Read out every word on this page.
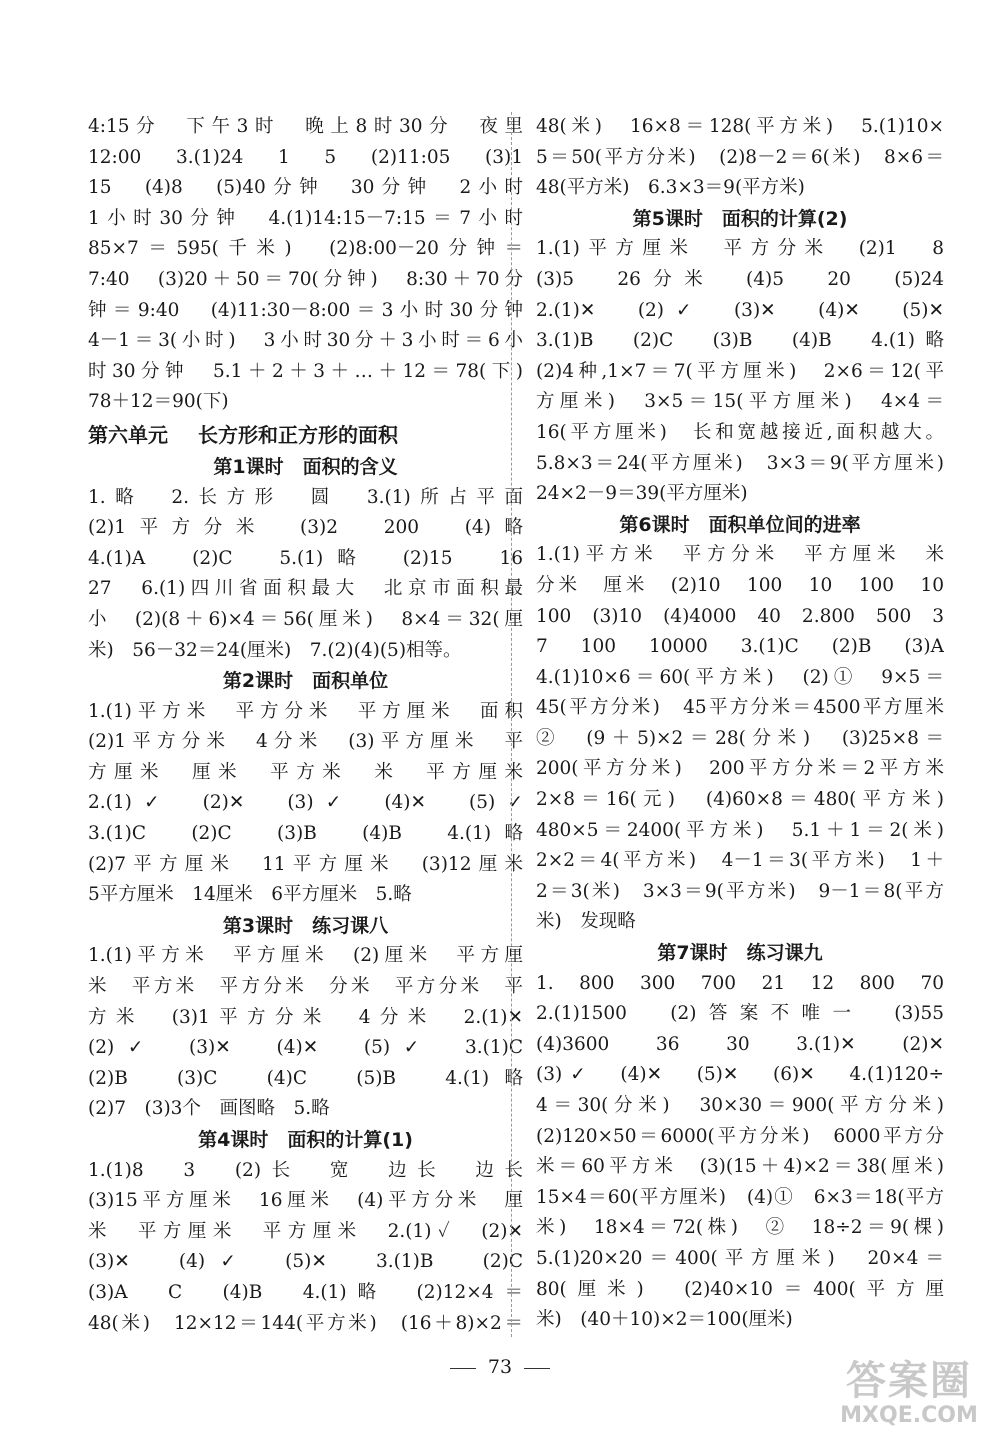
4:15分　下午3时　晚上8时30分　夜里
12:00　3.(1)24　1　5　(2)11:05　(3)1
15　(4)8　(5)40分钟　30分钟　2小时
1小时30分钟　4.(1)14:15－7:15＝7小时
85×7＝595(千米)　(2)8:00－20分钟＝
7:40　(3)20＋50＝70(分钟)　8:30＋70分
钟＝9:40　(4)11:30－8:00＝3小时30分钟
4－1＝3(小时)　3小时30分＋3小时＝6小
时30分钟　5.1＋2＋3＋…＋12＝78(下)
78＋12＝90(下)
第六单元 长方形和正方形的面积
第1课时　面积的含义
1.略　2.长方形　圆　3.(1)所占平面
(2)1平方分米　(3)2　200　(4)略
4.(1)A　(2)C　5.(1)略　(2)15　16
27　6.(1)四川省面积最大　北京市面积最
小　(2)(8＋6)×4＝56(厘米)　8×4＝32(厘
米)　56－32＝24(厘米)　7.(2)(4)(5)相等。
第2课时　面积单位
1.(1)平方米　平方分米　平方厘米　面积
(2)1平方分米　4分米　(3)平方厘米　平
方厘米　厘米　平方米　米　平方厘米
2.(1)✓　(2)✕　(3)✓　(4)✕　(5)✓
3.(1)C　(2)C　(3)B　(4)B　4.(1)略
(2)7平方厘米　11平方厘米　(3)12厘米
5平方厘米　14厘米　6平方厘米　5.略
第3课时　练习课八
1.(1)平方米　平方厘米　(2)厘米　平方厘
米　平方米　平方分米　分米　平方分米　平
方米　(3)1平方分米　4分米　2.(1)✕
(2)✓　(3)✕　(4)✕　(5)✓　3.(1)C
(2)B　(3)C　(4)C　(5)B　4.(1)略
(2)7　(3)3个　画图略　5.略
第4课时　面积的计算(1)
1.(1)8　3　(2)长　宽　边长　边长
(3)15平方厘米　16厘米　(4)平方分米　厘
米　平方厘米　平方厘米　2.(1)✓　(2)✕
(3)✕　(4)✓　(5)✕　3.(1)B　(2)C
(3)A　C　(4)B　4.(1)略　(2)12×4＝
48(米)　12×12＝144(平方米)　(16＋8)×2＝
48(米)　16×8＝128(平方米)　5.(1)10×
5＝50(平方分米)　(2)8－2＝6(米)　8×6＝
48(平方米)　6.3×3＝9(平方米)
第5课时　面积的计算(2)
1.(1)平方厘米　平方分米　(2)1　8
(3)5　26分米　(4)5　20　(5)24
2.(1)✕　(2)✓　(3)✕　(4)✕　(5)✕
3.(1)B　(2)C　(3)B　(4)B　4.(1)略
(2)4种,1×7＝7(平方厘米)　2×6＝12(平
方厘米)　3×5＝15(平方厘米)　4×4＝
16(平方厘米)　长和宽越接近,面积越大。
5.8×3＝24(平方厘米)　3×3＝9(平方厘米)
24×2－9＝39(平方厘米)
第6课时　面积单位间的进率
1.(1)平方米　平方分米　平方厘米　米
分米　厘米　(2)10　100　10　100　10
100　(3)10　(4)4000　40　2.800　500　3
7　100　10000　3.(1)C　(2)B　(3)A
4.(1)10×6＝60(平方米)　(2)①　9×5＝
45(平方分米)　45平方分米＝4500平方厘米
②　(9＋5)×2＝28(分米)　(3)25×8＝
200(平方分米)　200平方分米＝2平方米
2×8＝16(元)　(4)60×8＝480(平方米)
480×5＝2400(平方米)　5.1＋1＝2(米)
2×2＝4(平方米)　4－1＝3(平方米)　1＋
2＝3(米)　3×3＝9(平方米)　9－1＝8(平方
米)　发现略
第7课时　练习课九
1.　800　300　700　21　12　800　70
2.(1)1500　(2)答案不唯一　(3)55
(4)3600　36　30　3.(1)✕　(2)✕
(3)✓　(4)✕　(5)✕　(6)✕　4.(1)120÷
4＝30(分米)　30×30＝900(平方分米)
(2)120×50＝6000(平方分米)　6000平方分
米＝60平方米　(3)(15＋4)×2＝38(厘米)
15×4＝60(平方厘米)　(4)①　6×3＝18(平方
米)　18×4＝72(株)　②　18÷2＝9(棵)
5.(1)20×20＝400(平方厘米)　20×4＝
80(厘米)　(2)40×10＝400(平方厘
米)　(40＋10)×2＝100(厘米)
73	答案圈
MXQE.COM
